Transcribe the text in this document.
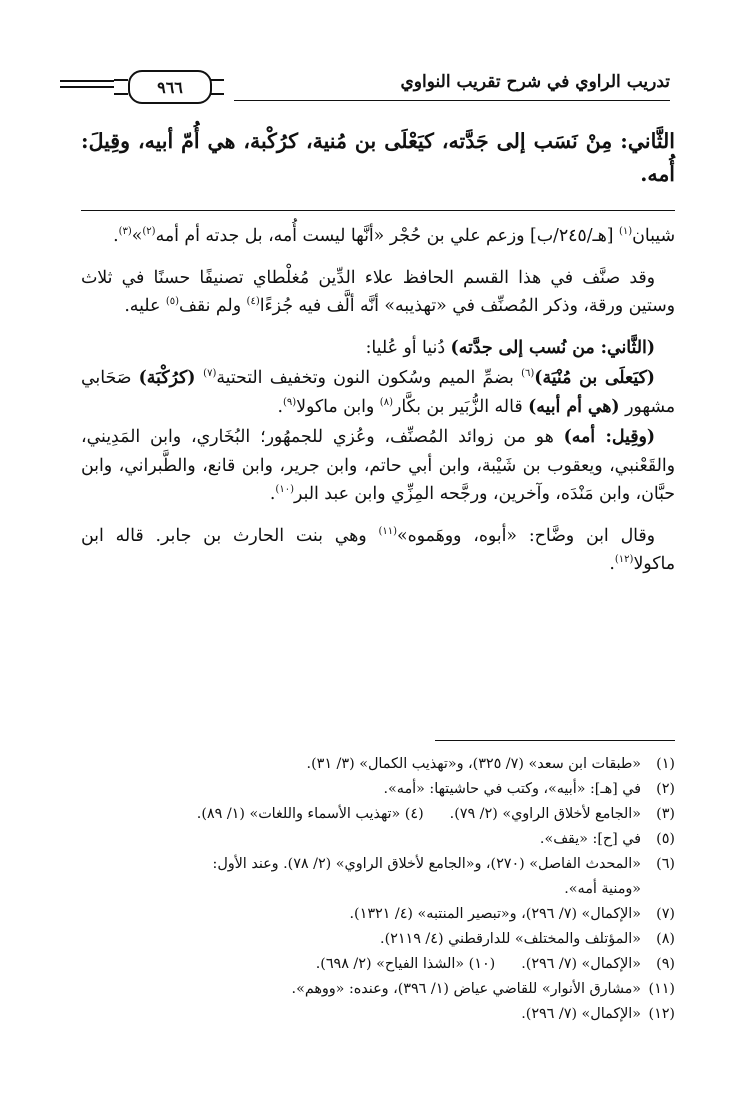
تدريب الراوي في شرح تقريب النواوي
٩٦٦
الثَّاني: مِنْ نَسَب إلى جَدَّته، كيَعْلَى بن مُنية، كرُكْبة، هي أُمّ أبيه، وقِيلَ: أُمه.

شيبان$^{(١)}$ [هـ/٢٤٥/ب] وزعم علي بن حُجْر «أنَّها ليست أُمه، بل جدته أم أمه$^{(٢)}$»$^{(٣)}$.

وقد صنَّف في هذا القسم الحافظ علاء الدِّين مُغلْطاي تصنيفًا حسنًا في ثلاث وستين ورقة، وذكر المُصنِّف في «تهذيبه» أنَّه ألَّف فيه جُزءًا$^{(٤)}$ ولم نقف$^{(٥)}$ عليه.

(الثَّاني: من نُسب إلى جدَّته) دُنيا أو عُليا:

(كيَعلَى بن مُنْيَة)$^{(٦)}$ بضمِّ الميم وسُكون النون وتخفيف التحتية$^{(٧)}$ (كرُكْبَة) صَحَابي مشهور (هي أم أبيه) قاله الزُّبَير بن بكَّار$^{(٨)}$ وابن ماكولا$^{(٩)}$.

(وقِيل: أمه) هو من زوائد المُصنِّف، وعُزي للجمهُور؛ البُخَاري، وابن المَدِيني، والقَعْنبي، ويعقوب بن شَيْبة، وابن أبي حاتم، وابن جرير، وابن قانع، والطَّبراني، وابن حبَّان، وابن مَنْدَه، وآخرين، ورجَّحه المِزِّي وابن عبد البر$^{(١٠)}$.

وقال ابن وضَّاح: «أبوه، ووهَموه»$^{(١١)}$ وهي بنت الحارث بن جابر. قاله ابن ماكولا$^{(١٢)}$.

(١)
«طبقات ابن سعد» (٧/ ٣٢٥)، و«تهذيب الكمال» (٣/ ٣١).
(٢)
في [هـ]: «أبيه»، وكتب في حاشيتها: «أمه».
(٣)
«الجامع لأخلاق الراوي» (٢/ ٧٩).(٤) «تهذيب الأسماء واللغات» (١/ ٨٩).
(٥)
في [ح]: «يقف».
(٦)
«المحدث الفاصل» (٢٧٠)، و«الجامع لأخلاق الراوي» (٢/ ٧٨). وعند الأول:
«ومنية أمه».
(٧)
«الإكمال» (٧/ ٢٩٦)، و«تبصير المنتبه» (٤/ ١٣٢١).
(٨)
«المؤتلف والمختلف» للدارقطني (٤/ ٢١١٩).
(٩)
«الإكمال» (٧/ ٢٩٦).(١٠) «الشذا الفياح» (٢/ ٦٩٨).
(١١)
«مشارق الأنوار» للقاضي عياض (١/ ٣٩٦)، وعنده: «ووهم».
(١٢)
«الإكمال» (٧/ ٢٩٦).
